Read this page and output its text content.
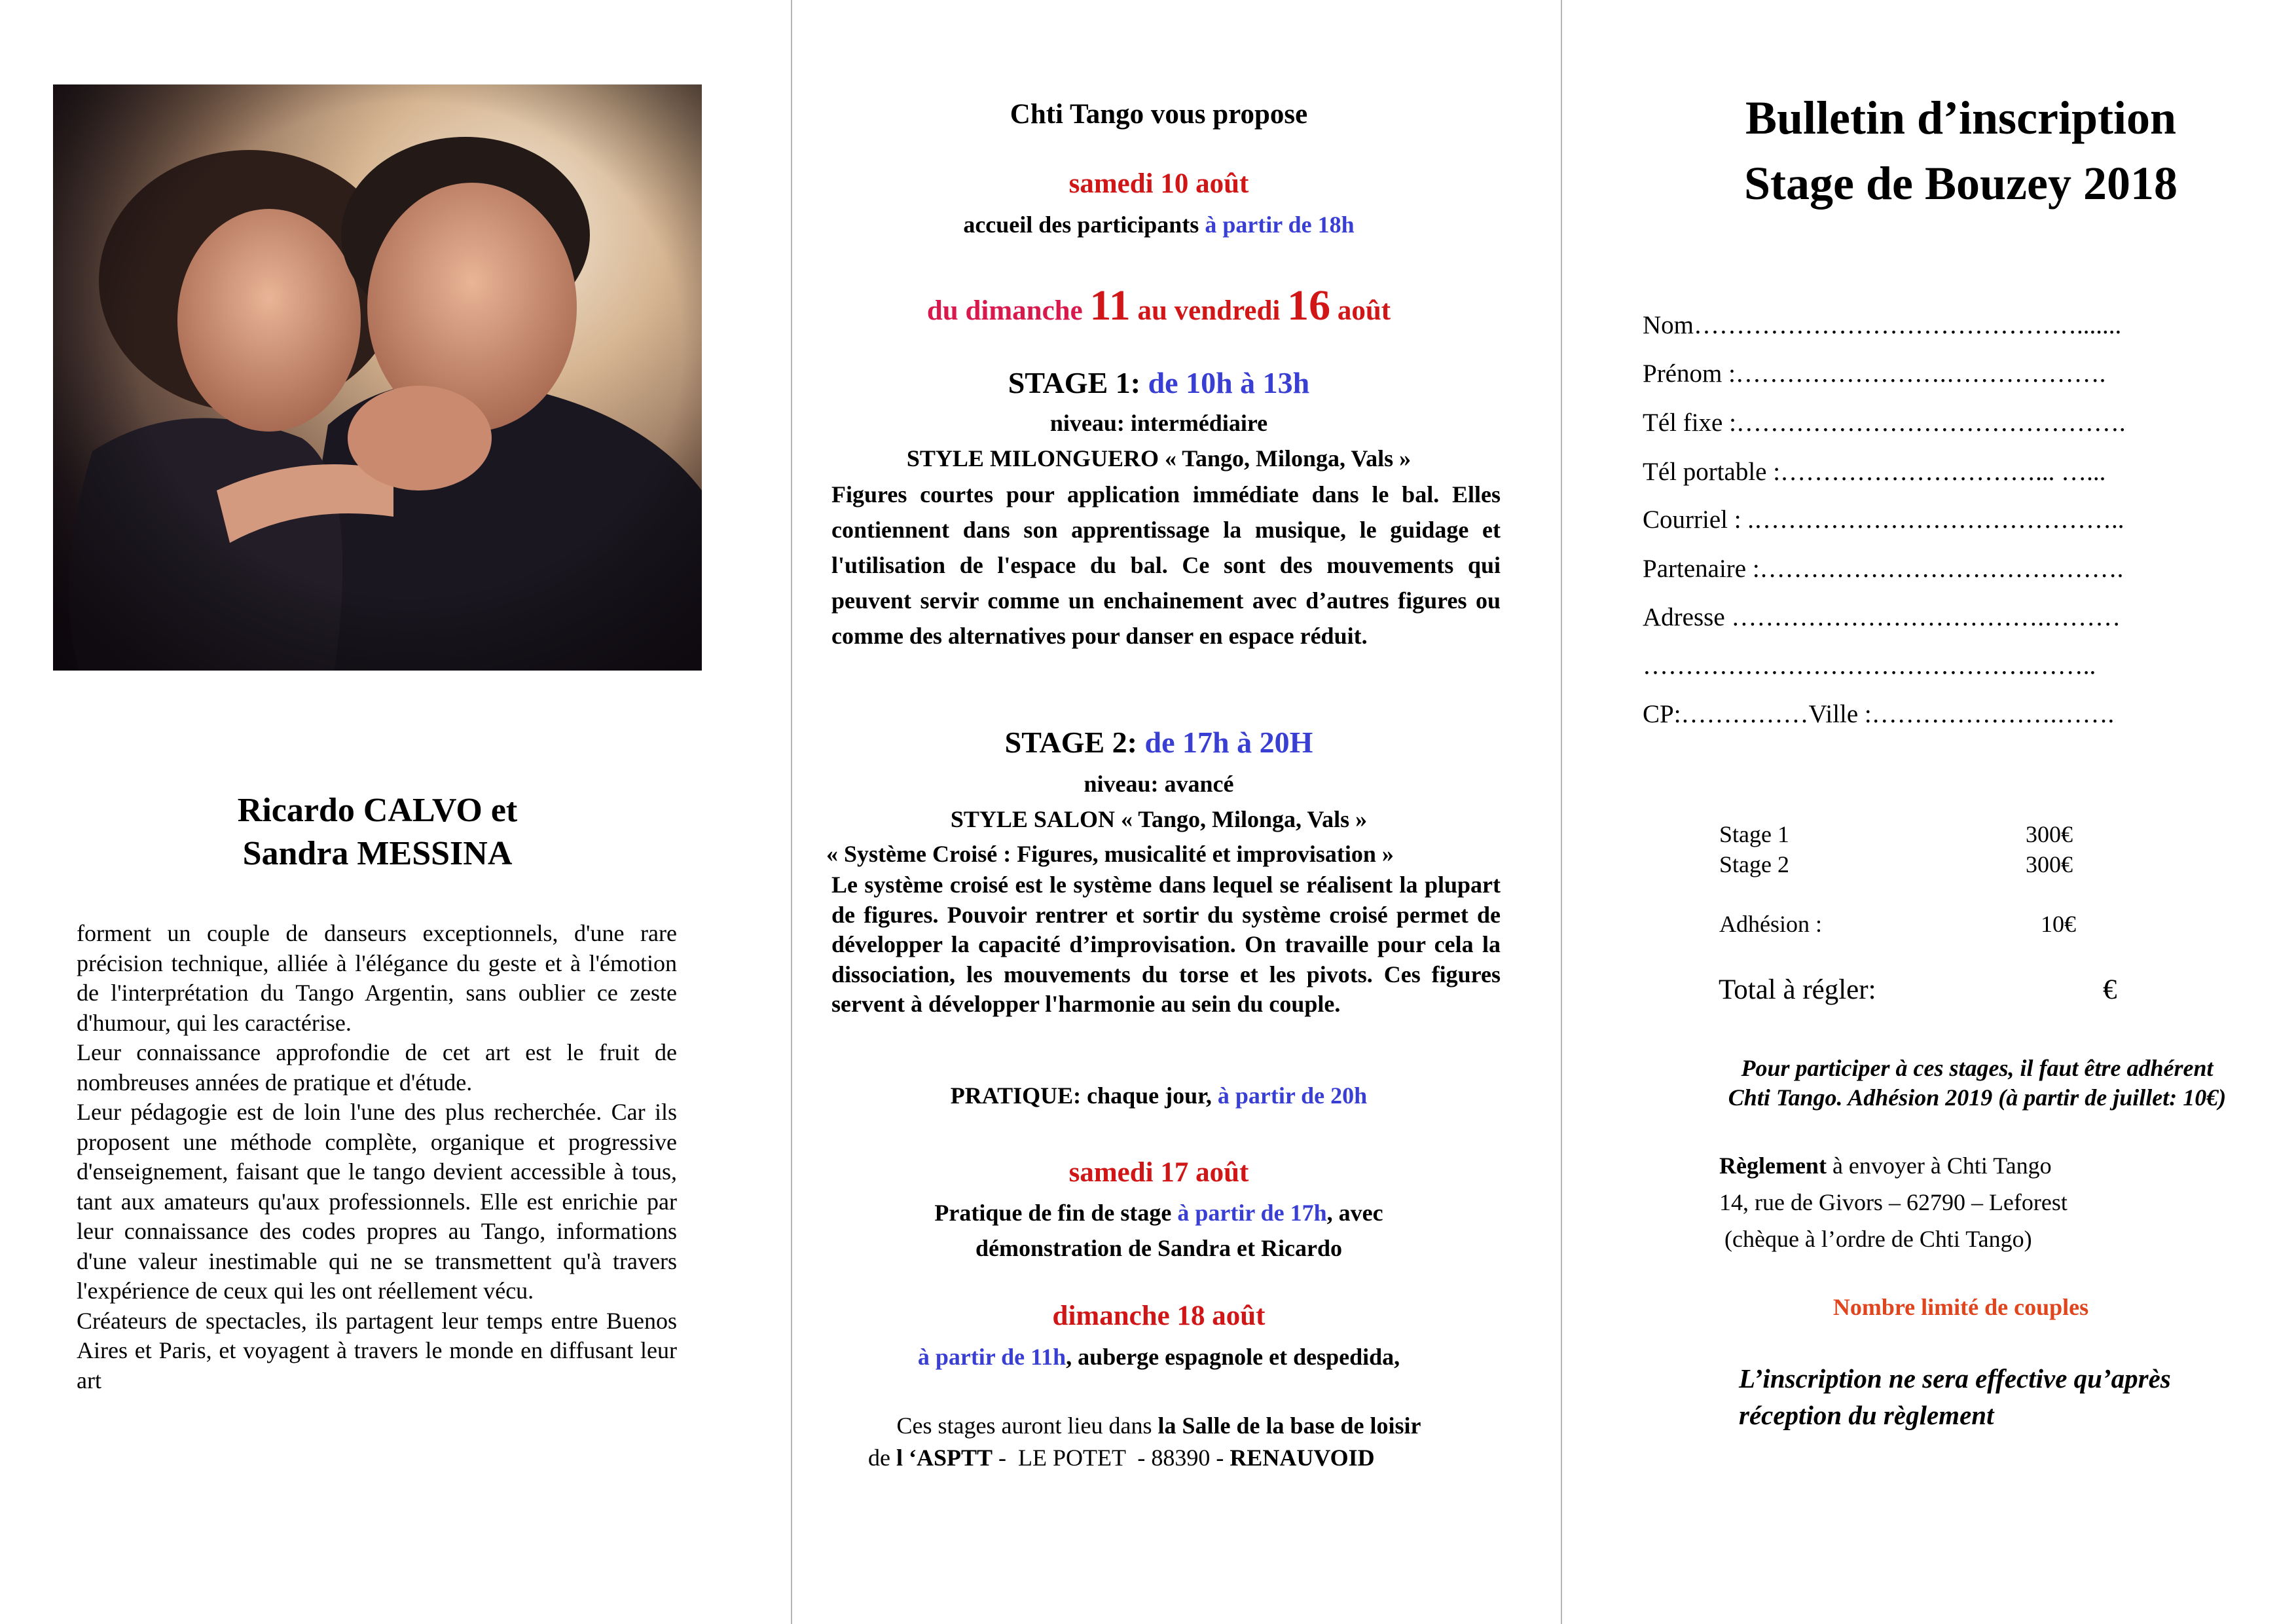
Ricardo CALVO et
Sandra MESSINA

forment un couple de danseurs exceptionnels, d'une rare précision technique, alliée à l'élégance du geste et à l'émotion de l'interprétation du Tango Argentin, sans oublier ce zeste d'humour, qui les caractérise.

Leur connaissance approfondie de cet art est le fruit de nombreuses années de pratique et d'étude.

Leur pédagogie est de loin l'une des plus recherchée. Car ils proposent une méthode complète, organique et progressive d'enseignement, faisant que le tango devient accessible à tous, tant aux amateurs qu'aux professionnels. Elle est enrichie par leur connaissance des codes propres au Tango, informations d'une valeur inestimable qui ne se transmettent qu'à travers l'expérience de ceux qui les ont réellement vécu.

Créateurs de spectacles, ils partagent leur temps entre Buenos Aires et Paris, et voyagent à travers le monde en diffusant leur art

Chti Tango vous propose
samedi 10 août
accueil des participants à partir de 18h
du dimanche 11 au vendredi 16 août
STAGE 1: de 10h à 13h
niveau: intermédiaire
STYLE MILONGUERO « Tango, Milonga, Vals »
Figures courtes pour application immédiate dans le bal. Elles contiennent dans son apprentissage la musique, le guidage et l'utilisation de l'espace du bal. Ce sont des mouvements qui peuvent servir comme un enchainement avec d’autres figures ou comme des alternatives pour danser en espace réduit.
STAGE 2: de 17h à 20H
niveau: avancé
STYLE SALON « Tango, Milonga, Vals »
« Système Croisé : Figures, musicalité et improvisation »
Le système croisé est le système dans lequel se réalisent la plupart de figures. Pouvoir rentrer et sortir du système croisé permet de développer la capacité d’improvisation. On travaille pour cela la dissociation, les mouvements du torse et les pivots. Ces figures servent à développer l'harmonie au sein du couple.
PRATIQUE: chaque jour, à partir de 20h
samedi 17 août
Pratique de fin de stage à partir de 17h, avec
démonstration de Sandra et Ricardo
dimanche 18 août
à partir de 11h, auberge espagnole et despedida,
Ces stages auront lieu dans la Salle de la base de loisir
de l ‘ASPTT -  LE POTET  - 88390 - RENAUVOID
Bulletin d’inscription
Stage de Bouzey 2018
Nom……………………………………….......
Prénom :…………………….……………….
Tél fixe :……………………………………….
Tél portable :…………………………... …...
Courriel : .……………………………………..
Partenaire :…………………………………….
Adresse ……………………………….………
……………………………………….……..
CP:……………Ville :………………….…….
Stage 1	300€
Stage 2	300€
Adhésion :	10€
Total à régler:	€
Pour participer à ces stages, il faut être adhérent
Chti Tango. Adhésion 2019 (à partir de juillet: 10€)
Règlement à envoyer à Chti Tango
14, rue de Givors – 62790 – Leforest
(chèque à l’ordre de Chti Tango)
Nombre limité de couples
L’inscription ne sera effective qu’après
réception du règlement
